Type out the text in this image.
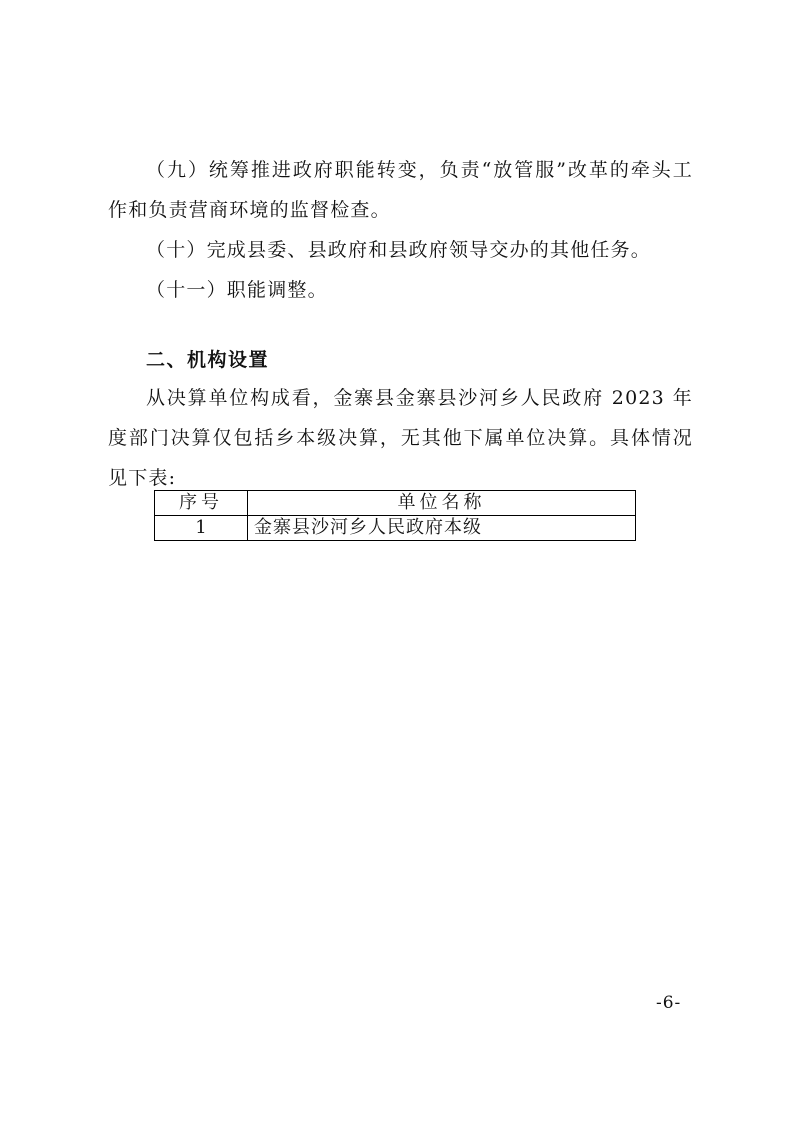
（九）统筹推进政府职能转变，负责“放管服”改革的牵头工作和负责营商环境的监督检查。

（十）完成县委、县政府和县政府领导交办的其他任务。

（十一）职能调整。

二、机构设置

从决算单位构成看，金寨县金寨县沙河乡人民政府 2023 年度部门决算仅包括乡本级决算，无其他下属单位决算。具体情况见下表:

序号	单位名称
1	金寨县沙河乡人民政府本级
-6-
